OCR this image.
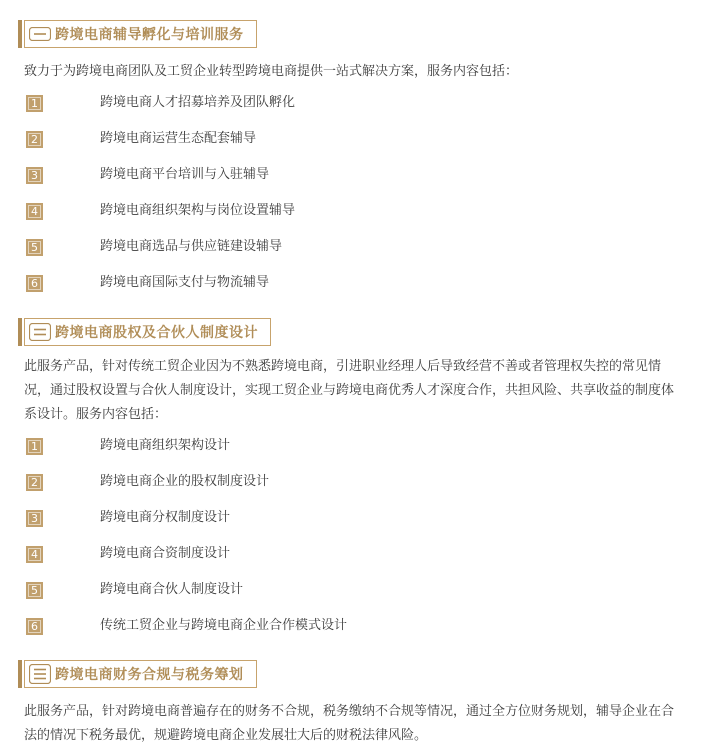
跨境电商辅导孵化与培训服务

致力于为跨境电商团队及工贸企业转型跨境电商提供一站式解决方案，服务内容包括：

1	跨境电商人才招募培养及团队孵化
2	跨境电商运营生态配套辅导
3	跨境电商平台培训与入驻辅导
4	跨境电商组织架构与岗位设置辅导
5	跨境电商选品与供应链建设辅导
6	跨境电商国际支付与物流辅导
跨境电商股权及合伙人制度设计

此服务产品，针对传统工贸企业因为不熟悉跨境电商，引进职业经理人后导致经营不善或者管理权失控的常见情况，通过股权设置与合伙人制度设计，实现工贸企业与跨境电商优秀人才深度合作，共担风险、共享收益的制度体系设计。服务内容包括：

1	跨境电商组织架构设计
2	跨境电商企业的股权制度设计
3	跨境电商分权制度设计
4	跨境电商合资制度设计
5	跨境电商合伙人制度设计
6	传统工贸企业与跨境电商企业合作模式设计
跨境电商财务合规与税务筹划

此服务产品，针对跨境电商普遍存在的财务不合规，税务缴纳不合规等情况，通过全方位财务规划，辅导企业在合法的情况下税务最优，规避跨境电商企业发展壮大后的财税法律风险。
